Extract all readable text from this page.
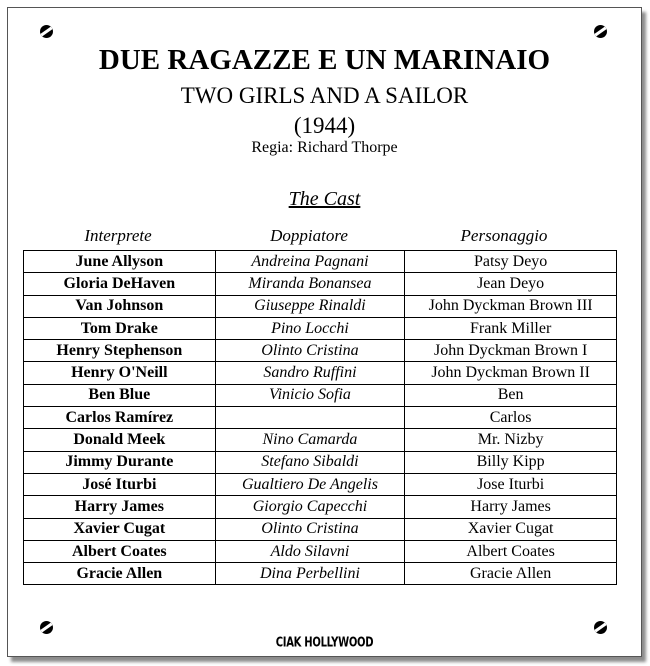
DUE RAGAZZE E UN MARINAIO
TWO GIRLS AND A SAILOR
(1944)
Regia: Richard Thorpe
The Cast
Interprete	Doppiatore	Personaggio
June Allyson	Andreina Pagnani	Patsy Deyo
Gloria DeHaven	Miranda Bonansea	Jean Deyo
Van Johnson	Giuseppe Rinaldi	John Dyckman Brown III
Tom Drake	Pino Locchi	Frank Miller
Henry Stephenson	Olinto Cristina	John Dyckman Brown I
Henry O'Neill	Sandro Ruffini	John Dyckman Brown II
Ben Blue	Vinicio Sofia	Ben
Carlos Ramírez		Carlos
Donald Meek	Nino Camarda	Mr. Nizby
Jimmy Durante	Stefano Sibaldi	Billy Kipp
José Iturbi	Gualtiero De Angelis	Jose Iturbi
Harry James	Giorgio Capecchi	Harry James
Xavier Cugat	Olinto Cristina	Xavier Cugat
Albert Coates	Aldo Silavni	Albert Coates
Gracie Allen	Dina Perbellini	Gracie Allen
CIAK HOLLYWOOD
